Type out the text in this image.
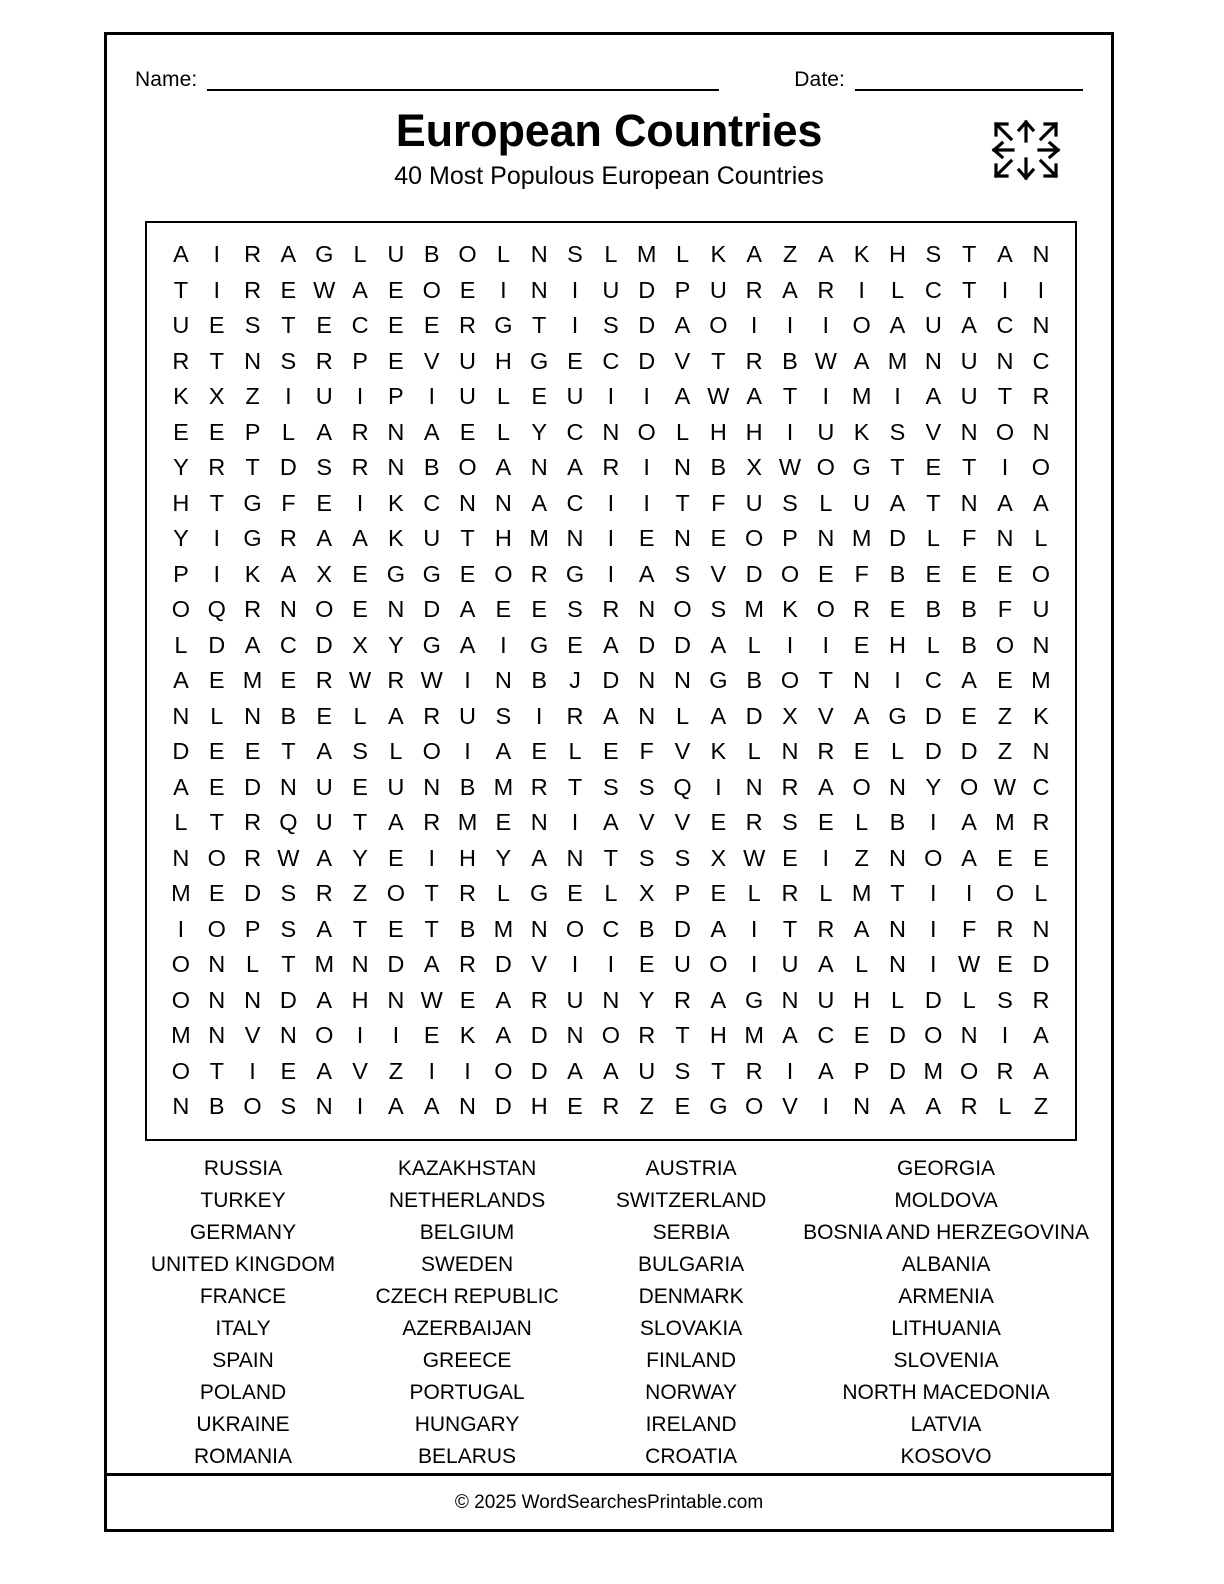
Name:	Date:
European Countries
40 Most Populous European Countries
A	I	R	A	G	L	U	B	O	L	N	S	L	M	L	K	A	Z	A	K	H	S	T	A	N
T	I	R	E	W	A	E	O	E	I	N	I	U	D	P	U	R	A	R	I	L	C	T	I	I
U	E	S	T	E	C	E	E	R	G	T	I	S	D	A	O	I	I	I	O	A	U	A	C	N
R	T	N	S	R	P	E	V	U	H	G	E	C	D	V	T	R	B	W	A	M	N	U	N	C
K	X	Z	I	U	I	P	I	U	L	E	U	I	I	A	W	A	T	I	M	I	A	U	T	R
E	E	P	L	A	R	N	A	E	L	Y	C	N	O	L	H	H	I	U	K	S	V	N	O	N
Y	R	T	D	S	R	N	B	O	A	N	A	R	I	N	B	X	W	O	G	T	E	T	I	O
H	T	G	F	E	I	K	C	N	N	A	C	I	I	T	F	U	S	L	U	A	T	N	A	A
Y	I	G	R	A	A	K	U	T	H	M	N	I	E	N	E	O	P	N	M	D	L	F	N	L
P	I	K	A	X	E	G	G	E	O	R	G	I	A	S	V	D	O	E	F	B	E	E	E	O
O	Q	R	N	O	E	N	D	A	E	E	S	R	N	O	S	M	K	O	R	E	B	B	F	U
L	D	A	C	D	X	Y	G	A	I	G	E	A	D	D	A	L	I	I	E	H	L	B	O	N
A	E	M	E	R	W	R	W	I	N	B	J	D	N	N	G	B	O	T	N	I	C	A	E	M
N	L	N	B	E	L	A	R	U	S	I	R	A	N	L	A	D	X	V	A	G	D	E	Z	K
D	E	E	T	A	S	L	O	I	A	E	L	E	F	V	K	L	N	R	E	L	D	D	Z	N
A	E	D	N	U	E	U	N	B	M	R	T	S	S	Q	I	N	R	A	O	N	Y	O	W	C
L	T	R	Q	U	T	A	R	M	E	N	I	A	V	V	E	R	S	E	L	B	I	A	M	R
N	O	R	W	A	Y	E	I	H	Y	A	N	T	S	S	X	W	E	I	Z	N	O	A	E	E
M	E	D	S	R	Z	O	T	R	L	G	E	L	X	P	E	L	R	L	M	T	I	I	O	L
I	O	P	S	A	T	E	T	B	M	N	O	C	B	D	A	I	T	R	A	N	I	F	R	N
O	N	L	T	M	N	D	A	R	D	V	I	I	E	U	O	I	U	A	L	N	I	W	E	D
O	N	N	D	A	H	N	W	E	A	R	U	N	Y	R	A	G	N	U	H	L	D	L	S	R
M	N	V	N	O	I	I	E	K	A	D	N	O	R	T	H	M	A	C	E	D	O	N	I	A
O	T	I	E	A	V	Z	I	I	O	D	A	A	U	S	T	R	I	A	P	D	M	O	R	A
N	B	O	S	N	I	A	A	N	D	H	E	R	Z	E	G	O	V	I	N	A	A	R	L	Z
RUSSIA
TURKEY
GERMANY
UNITED KINGDOM
FRANCE
ITALY
SPAIN
POLAND
UKRAINE
ROMANIA
KAZAKHSTAN
NETHERLANDS
BELGIUM
SWEDEN
CZECH REPUBLIC
AZERBAIJAN
GREECE
PORTUGAL
HUNGARY
BELARUS
AUSTRIA
SWITZERLAND
SERBIA
BULGARIA
DENMARK
SLOVAKIA
FINLAND
NORWAY
IRELAND
CROATIA
GEORGIA
MOLDOVA
BOSNIA AND HERZEGOVINA
ALBANIA
ARMENIA
LITHUANIA
SLOVENIA
NORTH MACEDONIA
LATVIA
KOSOVO
© 2025 WordSearchesPrintable.com
